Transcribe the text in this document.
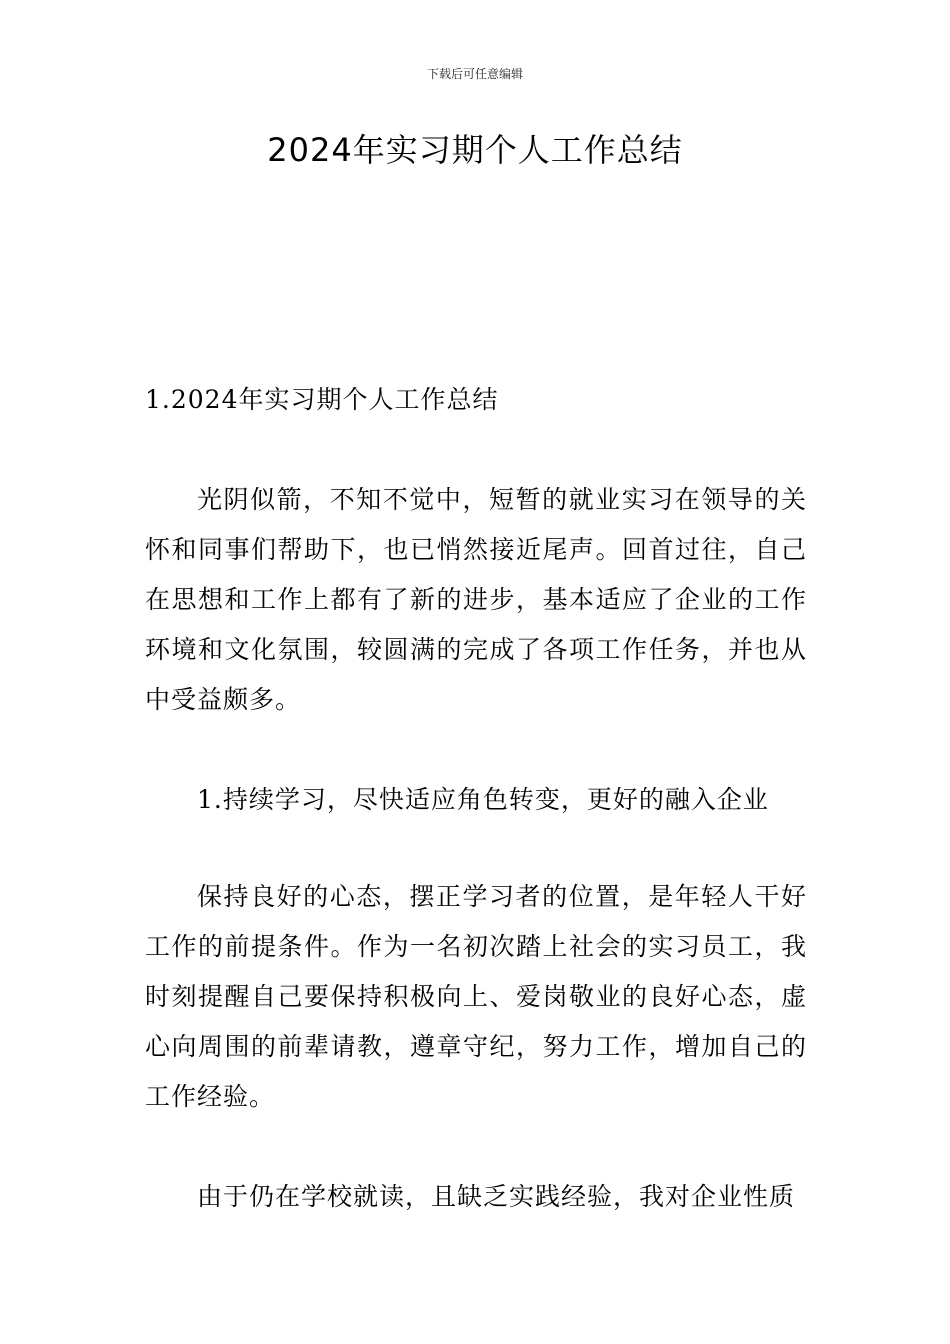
下载后可任意编辑
2024年实习期个人工作总结

1.2024年实习期个人工作总结

光阴似箭，不知不觉中，短暂的就业实习在领导的关怀和同事们帮助下，也已悄然接近尾声。回首过往，自己在思想和工作上都有了新的进步，基本适应了企业的工作环境和文化氛围，较圆满的完成了各项工作任务，并也从中受益颇多。

1.持续学习，尽快适应角色转变，更好的融入企业

保持良好的心态，摆正学习者的位置，是年轻人干好工作的前提条件。作为一名初次踏上社会的实习员工，我时刻提醒自己要保持积极向上、爱岗敬业的良好心态，虚心向周围的前辈请教，遵章守纪，努力工作，增加自己的工作经验。

由于仍在学校就读，且缺乏实践经验，我对企业性质
